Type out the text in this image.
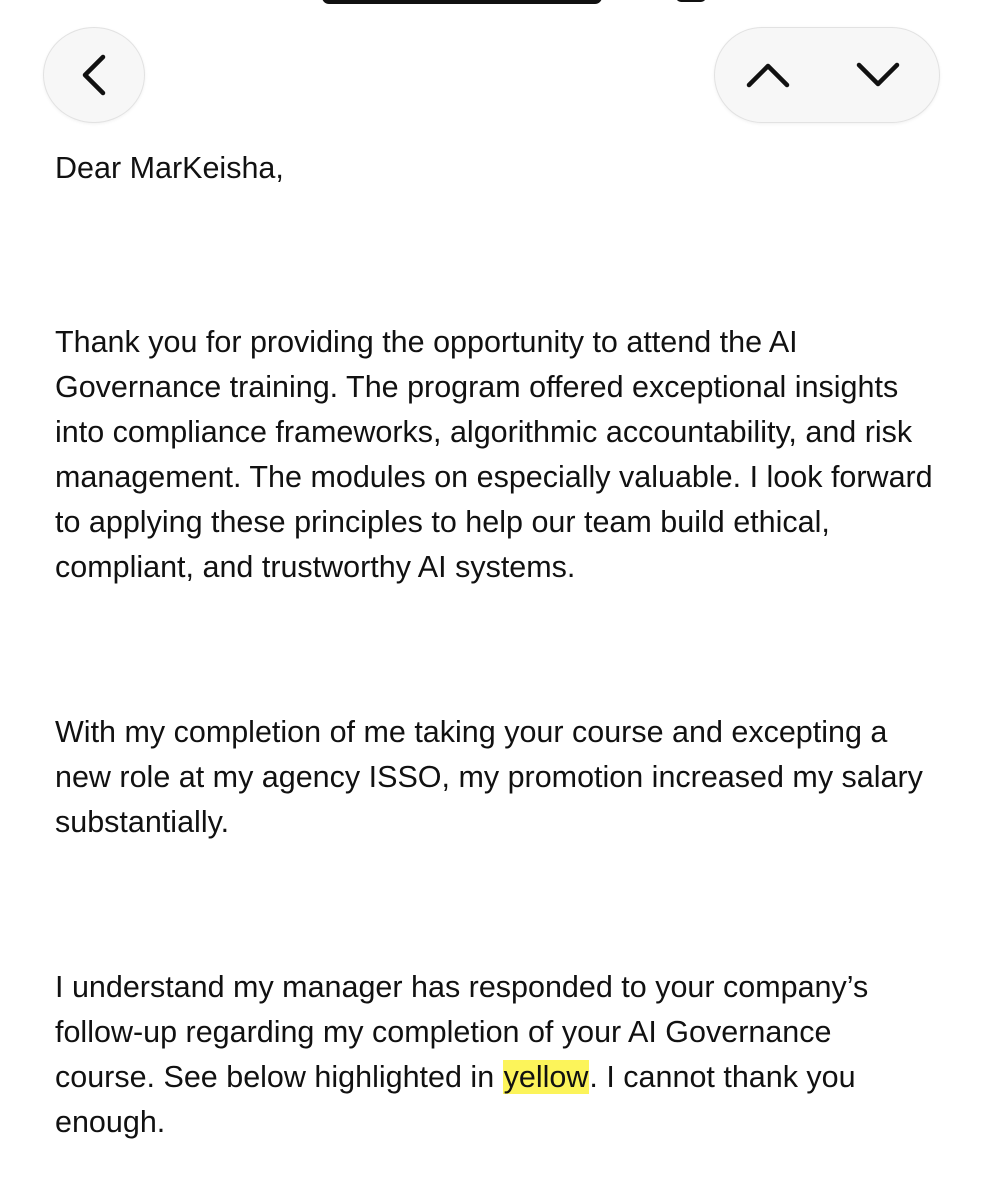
Dear MarKeisha,

Thank you for providing the opportunity to attend the AI Governance training. The program offered exceptional insights into compliance frameworks, algorithmic accountability, and risk management. The modules on especially valuable. I look forward to applying these principles to help our team build ethical, compliant, and trustworthy AI systems.

With my completion of me taking your course and excepting a new role at my agency ISSO, my promotion increased my salary substantially.

I understand my manager has responded to your company’s follow-up regarding my completion of your AI Governance course. See below highlighted in yellow. I cannot thank you enough.
